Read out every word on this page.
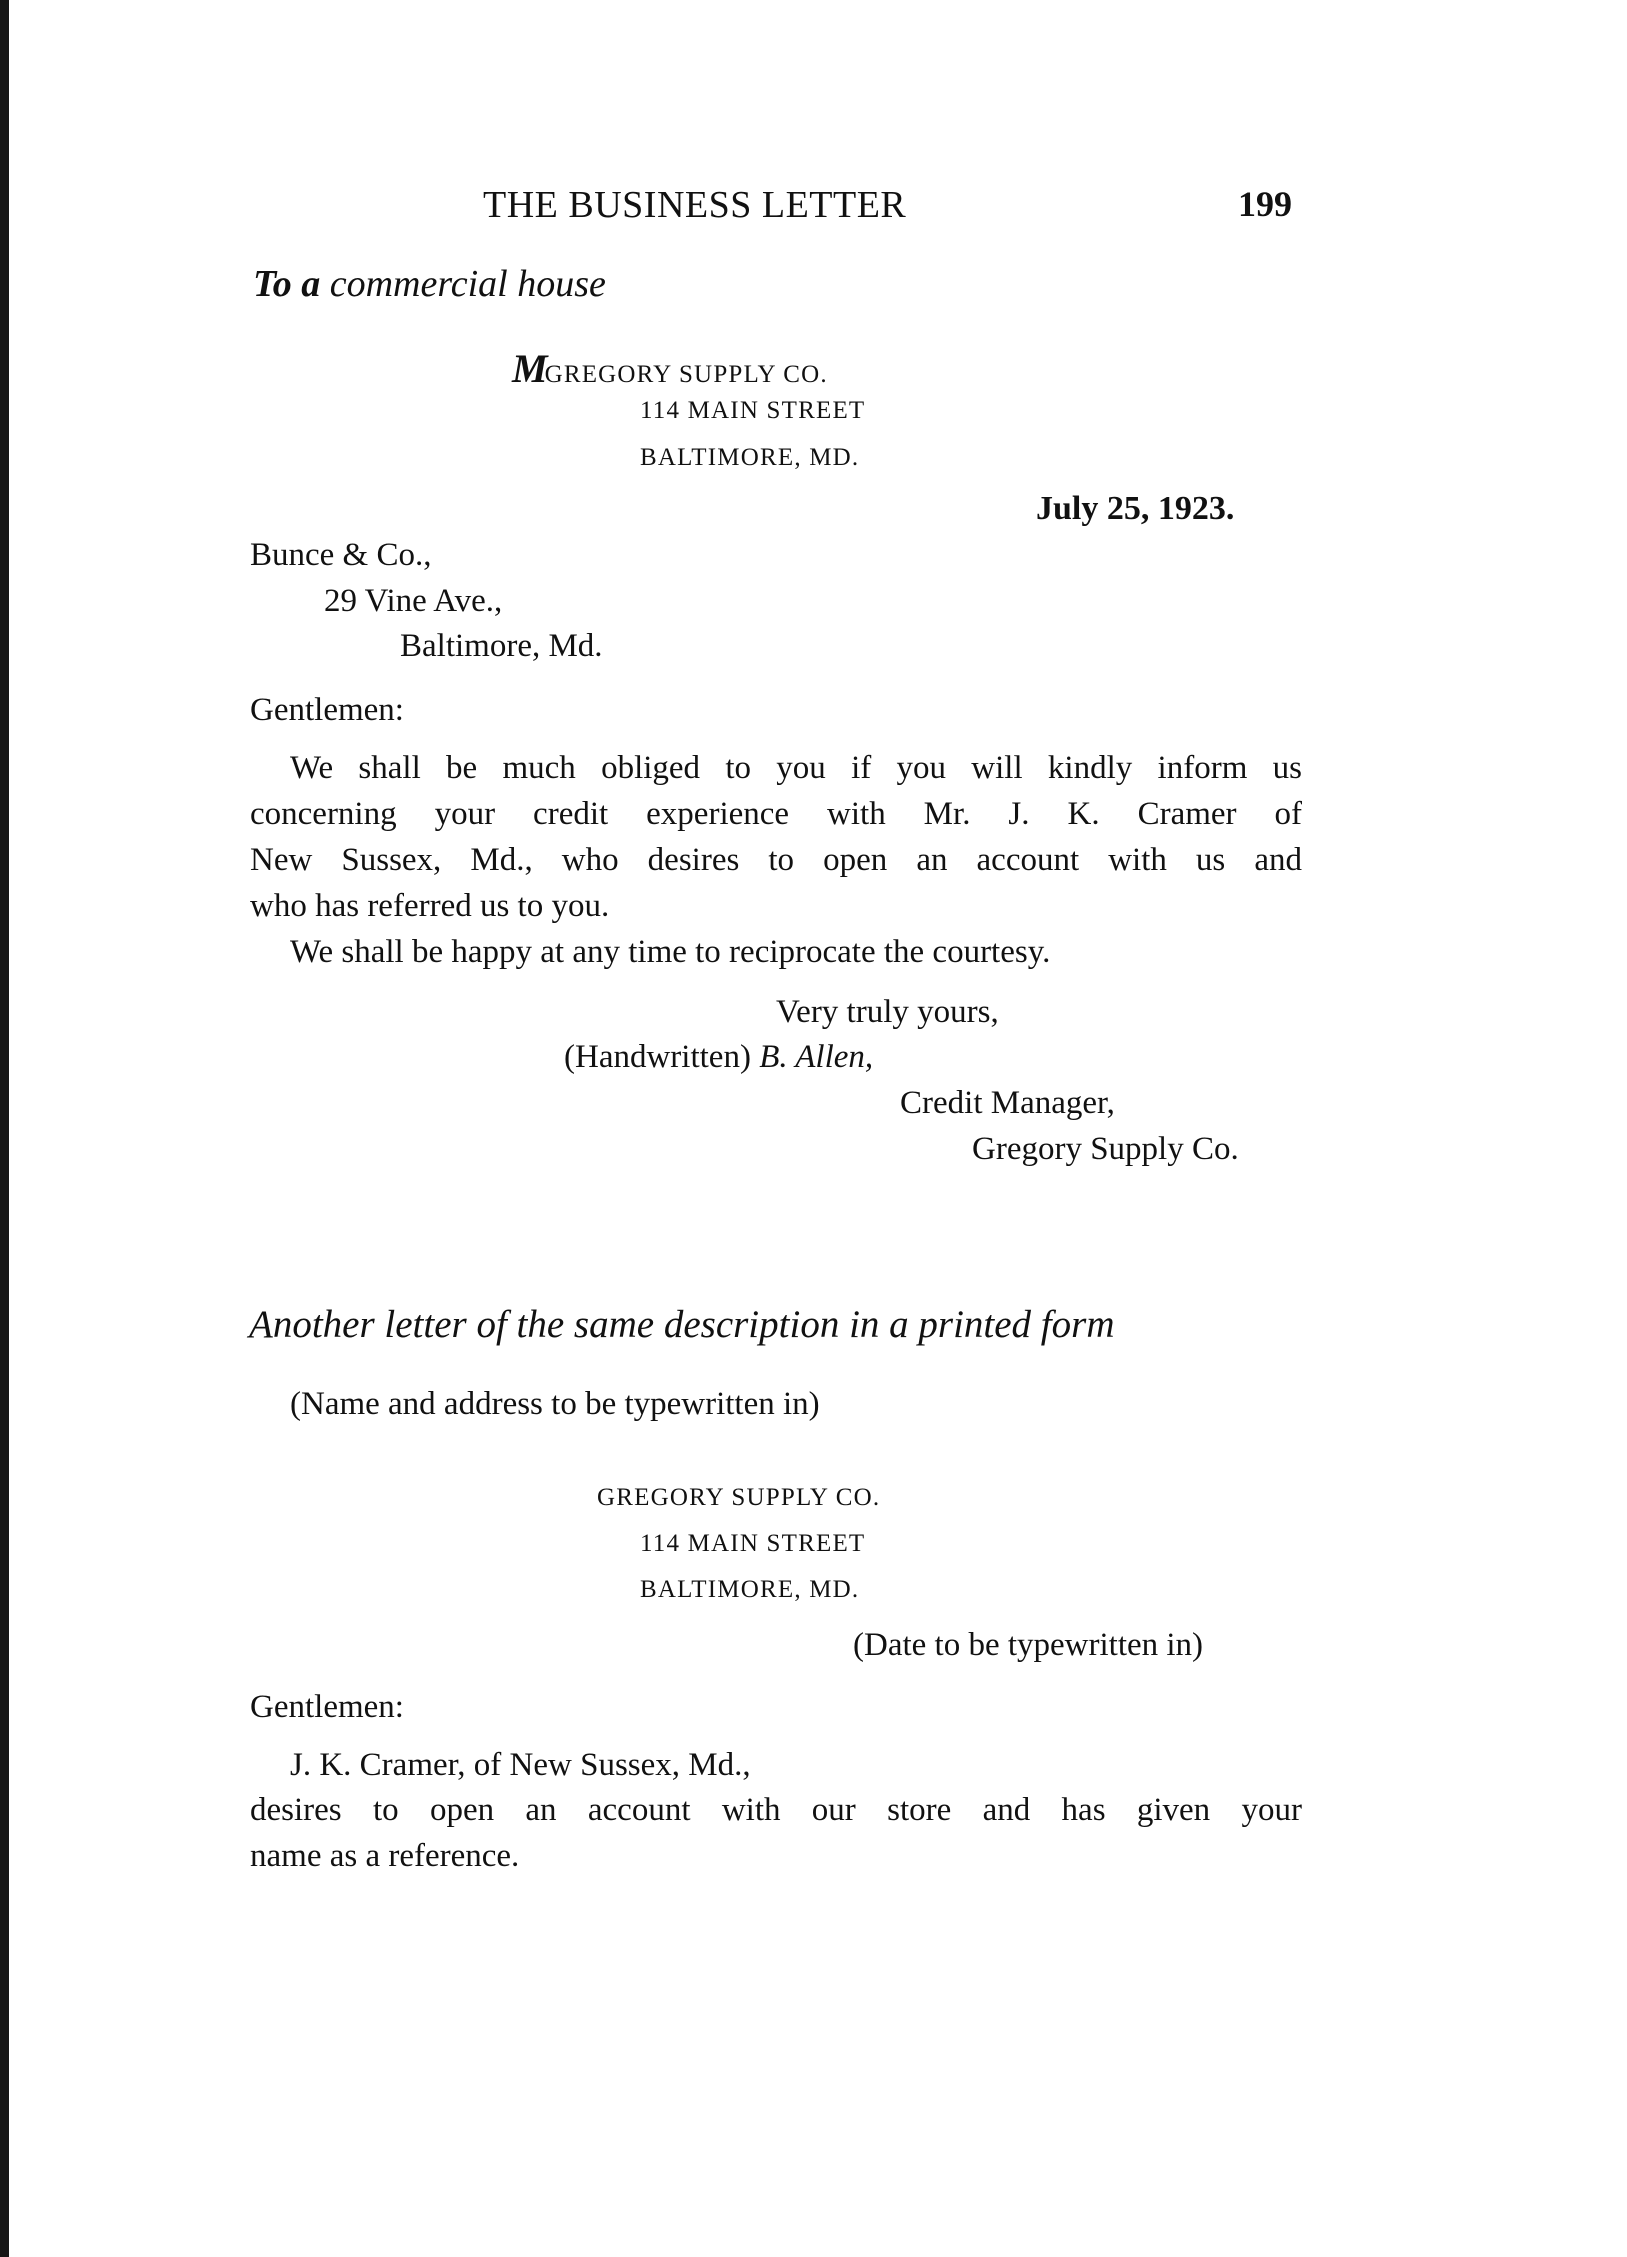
THE BUSINESS LETTER	199
To a commercial house
MGREGORY SUPPLY CO.
114 MAIN STREET
BALTIMORE, MD.
July 25, 1923.
Bunce & Co.,
29 Vine Ave.,
Baltimore, Md.
Gentlemen:
We shall be much obliged to you if you will kindly inform us
concerning your credit experience with Mr. J. K. Cramer of
New Sussex, Md., who desires to open an account with us and
who has referred us to you.
We shall be happy at any time to reciprocate the courtesy.
Very truly yours,
(Handwritten) B. Allen,
Credit Manager,
Gregory Supply Co.
Another letter of the same description in a printed form
(Name and address to be typewritten in)
GREGORY SUPPLY CO.
114 MAIN STREET
BALTIMORE, MD.
(Date to be typewritten in)
Gentlemen:
J. K. Cramer, of New Sussex, Md.,
desires to open an account with our store and has given your
name as a reference.
